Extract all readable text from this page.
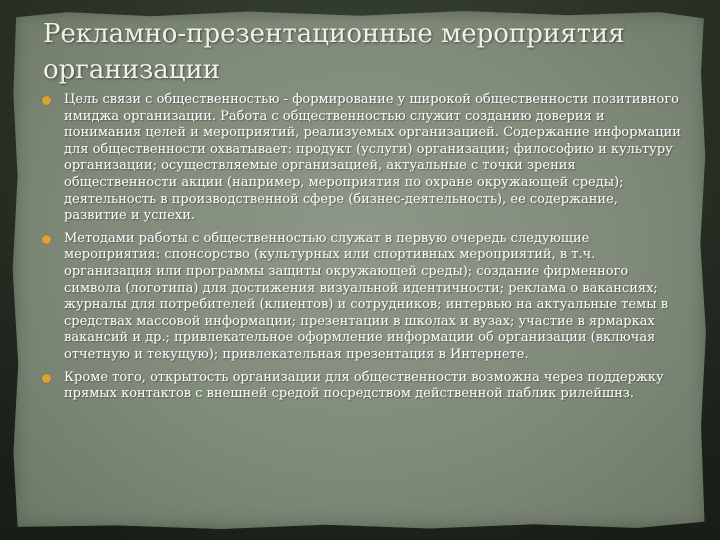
Рекламно-презентационные мероприятия организации
Цель связи с общественностью - формирование у широкой общественности позитивного имиджа организации. Работа с общественностью служит созданию доверия и понимания целей и мероприятий, реализуемых организацией. Содержание информации для общественности охватывает: продукт (услуги) организации; философию и культуру организации; осуществляемые организацией, актуальные с точки зрения общественности акции (например, мероприятия по охране окружающей среды); деятельность в производственной сфере (бизнес-деятельность), ее содержание, развитие и успехи.
Методами работы с общественностью служат в первую очередь следующие мероприятия: спонсорство (культурных или спортивных мероприятий, в т.ч. организация или программы защиты окружающей среды); создание фирменного символа (логотипа) для достижения визуальной идентичности; реклама о вакансиях; журналы для потребителей (клиентов) и сотрудников; интервью на актуальные темы в средствах массовой информации; презентации в школах и вузах; участие в ярмарках вакансий и др.; привлекательное оформление информации об организации (включая отчетную и текущую); привлекательная презентация в Интернете.
Кроме того, открытость организации для общественности возможна через поддержку прямых контактов с внешней средой посредством действенной паблик рилейшнз.
